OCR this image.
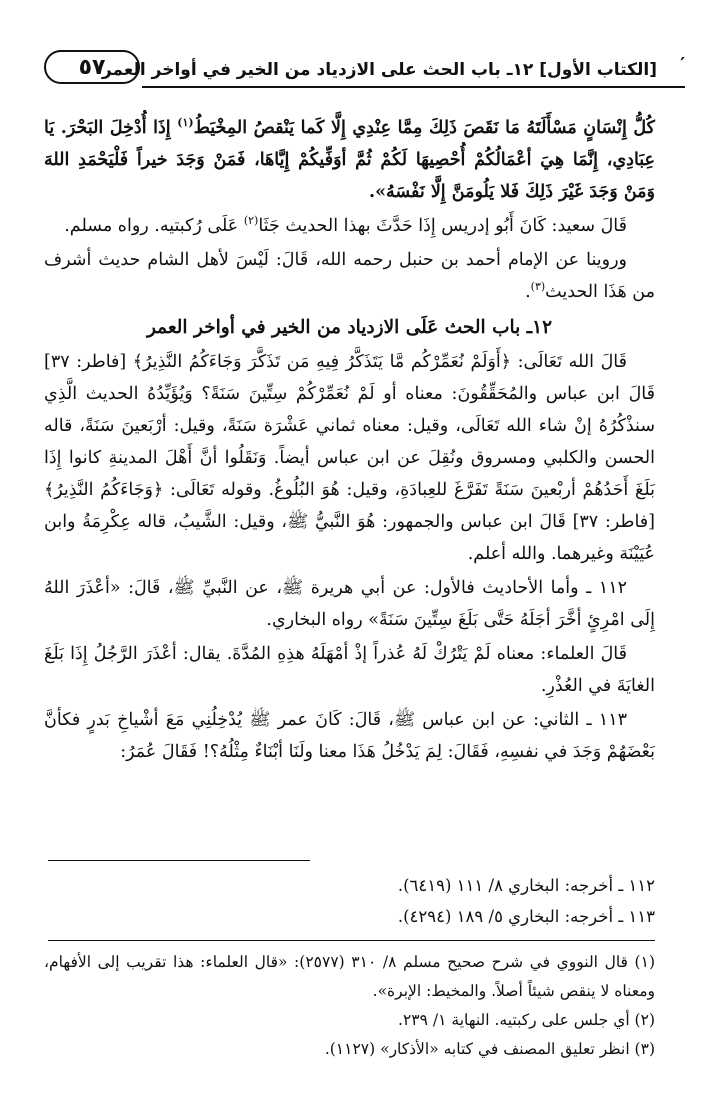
′
[الكتاب الأول] ١٢ـ باب الحث على الازدياد من الخير في أواخر العمر
٥٧

كُلُّ إِنْسَانٍ مَسْأَلَتَهُ مَا نَقَصَ ذَلِكَ مِمَّا عِنْدِي إِلَّا كَما يَنْقصُ المِخْيَطُ$^{(١)}$ إِذَا أُدْخِلَ البَحْرَ. يَا عِبَادِي، إِنَّمَا هِيَ أعْمَالُكُمْ أُحْصِيهَا لَكُمْ ثُمَّ أوَفِّيكُمْ إِيَّاهَا، فَمَنْ وَجَدَ خيراً فَلْيَحْمَدِ اللهَ وَمَنْ وَجَدَ غَيْرَ ذَلِكَ فَلا يَلُومَنَّ إِلَّا نَفْسَهُ».

قَالَ سعيد: كَانَ أَبُو إدريس إِذَا حَدَّثَ بهذا الحديث جَثَا$^{(٢)}$ عَلَى رُكبتيه. رواه مسلم.

وروينا عن الإمام أحمد بن حنبل رحمه الله، قَالَ: لَيْسَ لأهل الشام حديث أشرف من هَذَا الحديث$^{(٣)}$.

١٢ـ باب الحث عَلَى الازدياد من الخير في أواخر العمر

قَالَ الله تَعَالَى: ﴿أَوَلَمْ نُعَمِّرْكُم مَّا يَتَذَكَّرُ فِيهِ مَن تَذَكَّرَ وَجَاءَكُمُ النَّذِيرُ﴾ [فاطر: ٣٧] قَالَ ابن عباس والمُحَقِّقُونَ: معناه أو لَمْ نُعَمِّرْكُمْ سِتِّينَ سَنَةً؟ وَيُؤَيِّدُهُ الحديث الَّذِي سنذْكُرُهُ إنْ شاء الله تَعَالَى، وقيل: معناه ثماني عَشْرَة سَنَةً، وقيل: أرْبَعينَ سَنَةً، قاله الحسن والكلبي ومسروق ونُقِلَ عن ابن عباس أيضاً. وَنَقَلُوا أنَّ أَهْلَ المدينةِ كانوا إِذَا بَلَغَ أَحَدُهُمْ أربْعينَ سَنَةً تَفَرَّغَ للعِبادَةِ، وقيل: هُوَ البُلُوغُ. وقوله تَعَالَى: ﴿وَجَاءَكُمُ النَّذِيرُ﴾ [فاطر: ٣٧] قَالَ ابن عباس والجمهور: هُوَ النَّبيُّ ﷺ، وقيل: الشَّيبُ، قاله عِكْرِمَةُ وابن عُيَيْنَة وغيرهما. والله أعلم.

١١٢ ـ وأما الأحاديث فالأول: عن أبي هريرة ﷺ، عن النَّبيِّ ﷺ، قَالَ: «أعْذَرَ اللهُ إِلَى امْرِئٍ أخَّرَ أجَلَهُ حَتَّى بَلَغَ سِتِّينَ سَنَةً» رواه البخاري.

قَالَ العلماء: معناه لَمْ يَتْرُكْ لَهُ عُذراً إذْ أمْهَلَهُ هذِهِ المُدَّةَ. يقال: أعْذَرَ الرَّجُلُ إِذَا بَلَغَ الغايَةَ في العُذْرِ.

١١٣ ـ الثاني: عن ابن عباس ﷺ، قَالَ: كَانَ عمر ﷺ يُدْخِلُنِي مَعَ أشْياخِ بَدرٍ فكأنَّ بَعْضَهُمْ وَجَدَ في نفسِهِ، فَقَالَ: لِمَ يَدْخُلُ هَذَا معنا ولَنَا أبْنَاءٌ مِثْلُهُ؟! فَقَالَ عُمَرُ:

١١٢ ـ أخرجه: البخاري ٨/ ١١١ (٦٤١٩).
١١٣ ـ أخرجه: البخاري ٥/ ١٨٩ (٤٢٩٤).
(١) قال النووي في شرح صحيح مسلم ٨/ ٣١٠ (٢٥٧٧): «قال العلماء: هذا تقريب إلى الأفهام، ومعناه لا ينقص شيئاً أصلاً. والمخيط: الإبرة».
(٢) أي جلس على ركبتيه. النهاية ١/ ٢٣٩.
(٣) انظر تعليق المصنف في كتابه «الأذكار» (١١٢٧).
